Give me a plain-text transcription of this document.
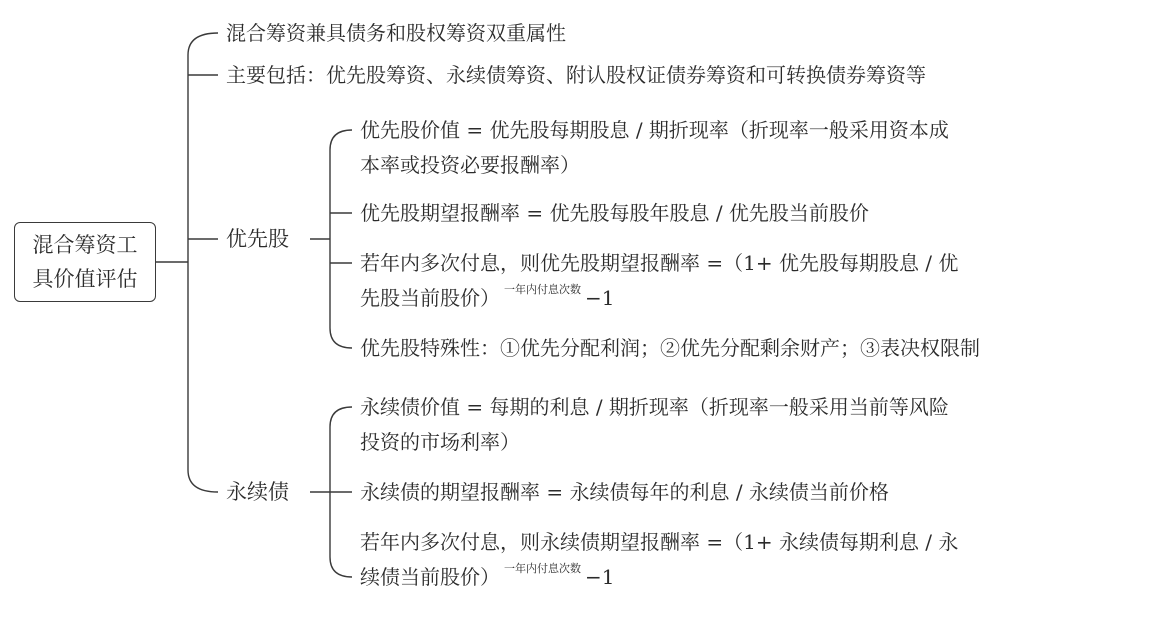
混合筹资工
具价值评估
混合筹资兼具债务和股权筹资双重属性
主要包括：优先股筹资、永续债筹资、附认股权证债券筹资和可转换债券筹资等
优先股
优先股价值 = 优先股每期股息 / 期折现率（折现率一般采用资本成
本率或投资必要报酬率）
优先股期望报酬率 = 优先股每股年股息 / 优先股当前股价
若年内多次付息，则优先股期望报酬率 =（1+ 优先股每期股息 / 优
先股当前股价） $^{一年内付息次数}$ −1
优先股特殊性：①优先分配利润；②优先分配剩余财产；③表决权限制
永续债
永续债价值 = 每期的利息 / 期折现率（折现率一般采用当前等风险
投资的市场利率）
永续债的期望报酬率 = 永续债每年的利息 / 永续债当前价格
若年内多次付息，则永续债期望报酬率 =（1+ 永续债每期利息 / 永
续债当前股价） $^{一年内付息次数}$ −1
